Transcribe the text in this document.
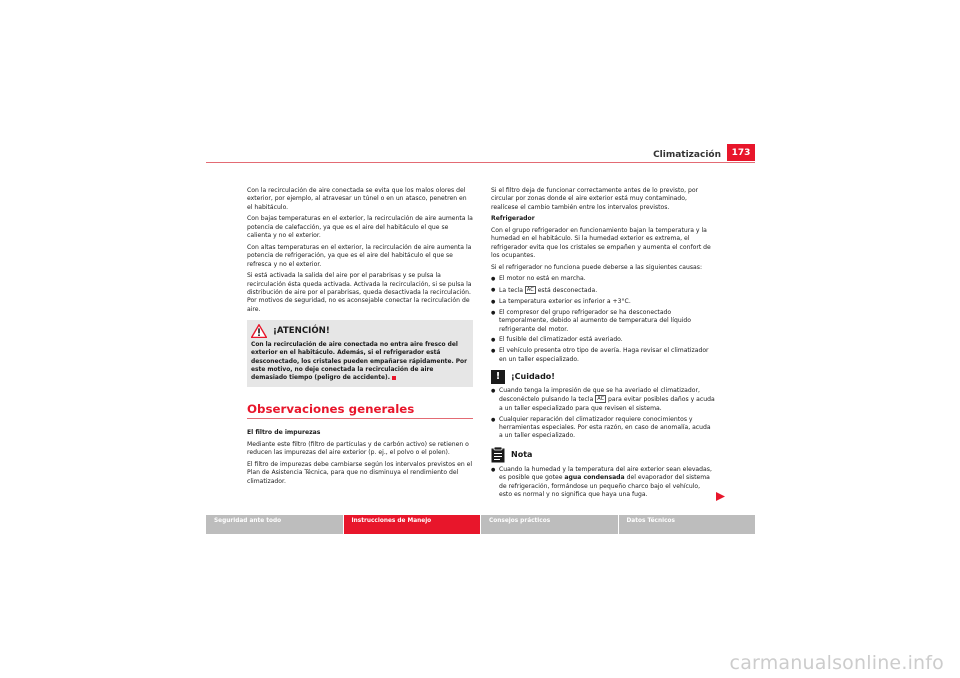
Climatización	173

Con la recirculación de aire conectada se evita que los malos olores del exterior, por ejemplo, al atravesar un túnel o en un atasco, penetren en el habitáculo.

Con bajas temperaturas en el exterior, la recirculación de aire aumenta la potencia de calefacción, ya que es el aire del habitáculo el que se calienta y no el exterior.

Con altas temperaturas en el exterior, la recirculación de aire aumenta la potencia de refrigeración, ya que es el aire del habitáculo el que se refresca y no el exterior.

Si está activada la salida del aire por el parabrisas y se pulsa la recirculación ésta queda activada. Activada la recirculación, si se pulsa la distribución de aire por el parabrisas, queda desactivada la recirculación. Por motivos de seguridad, no es aconsejable conectar la recirculación de aire.

¡ATENCIÓN!
Con la recirculación de aire conectada no entra aire fresco del exterior en el habitáculo. Además, si el refrigerador está desconectado, los cristales pueden empañarse rápidamente. Por este motivo, no deje conectada la recirculación de aire demasiado tiempo (peligro de accidente).
Observaciones generales

El filtro de impurezas

Mediante este filtro (filtro de partículas y de carbón activo) se retienen o reducen las impurezas del aire exterior (p. ej., el polvo o el polen).

El filtro de impurezas debe cambiarse según los intervalos previstos en el Plan de Asistencia Técnica, para que no disminuya el rendimiento del climatizador.

Si el filtro deja de funcionar correctamente antes de lo previsto, por circular por zonas donde el aire exterior está muy contaminado, realícese el cambio también entre los intervalos previstos.

Refrigerador

Con el grupo refrigerador en funcionamiento bajan la temperatura y la humedad en el habitáculo. Si la humedad exterior es extrema, el refrigerador evita que los cristales se empañen y aumenta el confort de los ocupantes.

Si el refrigerador no funciona puede deberse a las siguientes causas:

● El motor no está en marcha.
● La tecla AC está desconectada.
● La temperatura exterior es inferior a +3°C.
● El compresor del grupo refrigerador se ha desconectado temporalmente, debido al aumento de temperatura del líquido refrigerante del motor.
● El fusible del climatizador está averiado.
● El vehículo presenta otro tipo de avería. Haga revisar el climatizador en un taller especializado.
!	¡Cuidado!
● Cuando tenga la impresión de que se ha averiado el climatizador, desconéctelo pulsando la tecla AC para evitar posibles daños y acuda a un taller especializado para que revisen el sistema.
● Cualquier reparación del climatizador requiere conocimientos y herramientas especiales. Por esta razón, en caso de anomalía, acuda a un taller especializado.
Nota
● Cuando la humedad y la temperatura del aire exterior sean elevadas, es posible que gotee agua condensada del evaporador del sistema de refrigeración, formándose un pequeño charco bajo el vehículo, esto es normal y no significa que haya una fuga.
Seguridad ante todo	Instrucciones de Manejo	Consejos prácticos	Datos Técnicos
carmanualsonline.info
